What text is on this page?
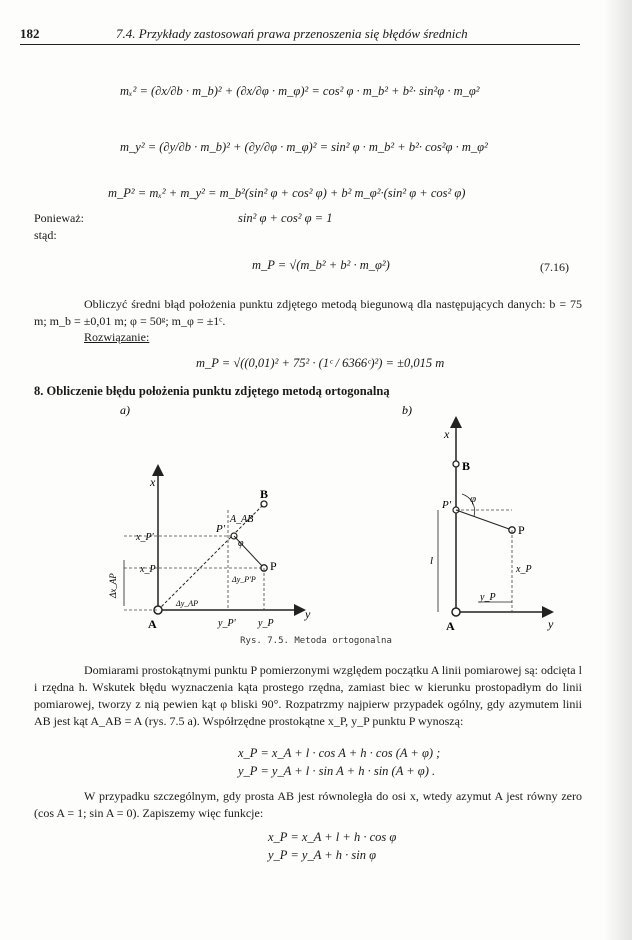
182	7.4. Przykłady zastosowań prawa przenoszenia się błędów średnich
mₓ² = (∂x/∂b · m_b)² + (∂x/∂φ · m_φ)² = cos² φ · m_b² + b²· sin²φ · m_φ²
m_y² = (∂y/∂b · m_b)² + (∂y/∂φ · m_φ)² = sin² φ · m_b² + b²· cos²φ · m_φ²
m_P² = mₓ² + m_y² = m_b²(sin² φ + cos² φ) + b² m_φ²·(sin² φ + cos² φ)
Ponieważ:	sin² φ + cos² φ = 1
stąd:
m_P = √(m_b² + b² · m_φ²)	(7.16)
Obliczyć średni błąd położenia punktu zdjętego metodą biegunową dla następujących danych: b = 75 m; m_b = ±0,01 m; φ = 50ᵍ; m_φ = ±1ᶜ.
Rozwiązanie:
m_P = √((0,01)² + 75² · (1ᶜ / 6366ᶜ)²) = ±0,015 m
8. Obliczenie błędu położenia punktu zdjętego metodą ortogonalną
a)
x
y
A
B
P'
P
x_P'
x_P
Δx_AP
y_P' y_P
A_AB
φ
Δy_P'P
Δy_AP
b)
x
y
B
P'
P
φ
l
x_P
y_P
A
Rys. 7.5. Metoda ortogonalna
Domiarami prostokątnymi punktu P pomierzonymi względem początku A linii pomiarowej są: odcięta l i rzędna h. Wskutek błędu wyznaczenia kąta prostego rzędna, zamiast biec w kierunku prostopadłym do linii pomiarowej, tworzy z nią pewien kąt φ bliski 90°. Rozpatrzmy najpierw przypadek ogólny, gdy azymutem linii AB jest kąt A_AB = A (rys. 7.5 a). Współrzędne prostokątne x_P, y_P punktu P wynoszą:
x_P = x_A + l · cos A + h · cos (A + φ) ;
y_P = y_A + l · sin A + h · sin (A + φ) .
W przypadku szczególnym, gdy prosta AB jest równoległa do osi x, wtedy azymut A jest równy zero (cos A = 1; sin A = 0). Zapiszemy więc funkcje:
x_P = x_A + l + h · cos φ
y_P = y_A + h · sin φ
